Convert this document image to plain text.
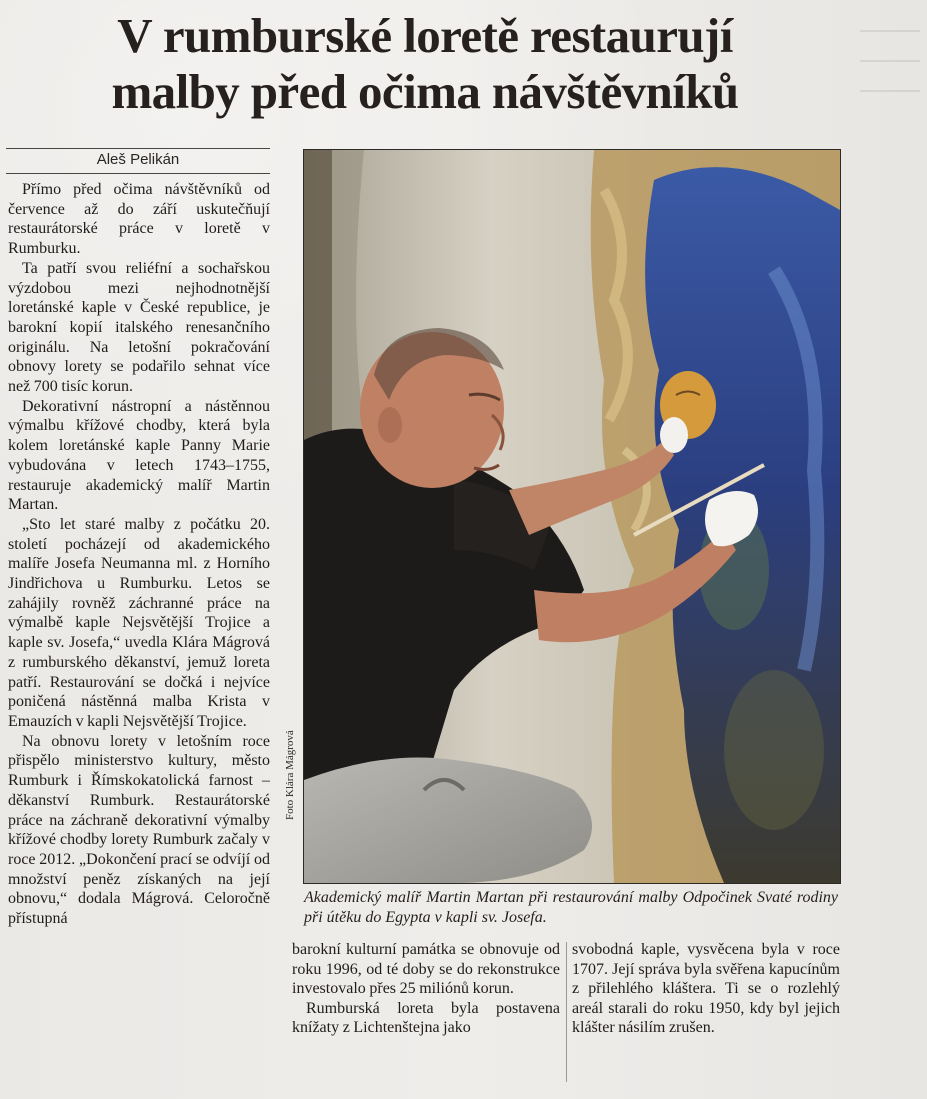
V rumburské loretě restaurují
malby před očima návštěvníků
Aleš Pelikán

Přímo před očima návštěvníků od července až do září uskutečňují restaurátorské práce v loretě v Rumburku.

Ta patří svou reliéfní a sochařskou výzdobou mezi nejhodnotnější loretánské kaple v České republice, je barokní kopií italského renesančního originálu. Na letošní pokračování obnovy lorety se podařilo sehnat více než 700 tisíc korun.

Dekorativní nástropní a nástěnnou výmalbu křížové chodby, která byla kolem loretánské kaple Panny Marie vybudována v letech 1743–1755, restauruje akademický malíř Martin Martan.

„Sto let staré malby z počátku 20. století pocházejí od akademického malíře Josefa Neumanna ml. z Horního Jindřichova u Rumburku. Letos se zahájily rovněž záchranné práce na výmalbě kaple Nejsvětější Trojice a kaple sv. Josefa,“ uvedla Klára Mágrová z rumburského děkanství, jemuž loreta patří. Restaurování se dočká i nejvíce poničená nástěnná malba Krista v Emauzích v kapli Nejsvětější Trojice.

Na obnovu lorety v letošním roce přispělo ministerstvo kultury, město Rumburk i Římskokatolická farnost – děkanství Rumburk. Restaurátorské práce na záchraně dekorativní výmalby křížové chodby lorety Rumburk začaly v roce 2012. „Dokončení prací se odvíjí od množství peněz získaných na její obnovu,“ dodala Mágrová. Celoročně přístupná

Foto Klára Mágrová
Akademický malíř Martin Martan při restaurování malby Odpočinek Svaté rodiny při útěku do Egypta v kapli sv. Josefa.

barokní kulturní památka se obnovuje od roku 1996, od té doby se do rekonstrukce investovalo přes 25 miliónů korun.

Rumburská loreta byla postavena knížaty z Lichtenštejna jako

svobodná kaple, vysvěcena byla v roce 1707. Její správa byla svěřena kapucínům z přilehlého kláštera. Ti se o rozlehlý areál starali do roku 1950, kdy byl jejich klášter násilím zrušen.
